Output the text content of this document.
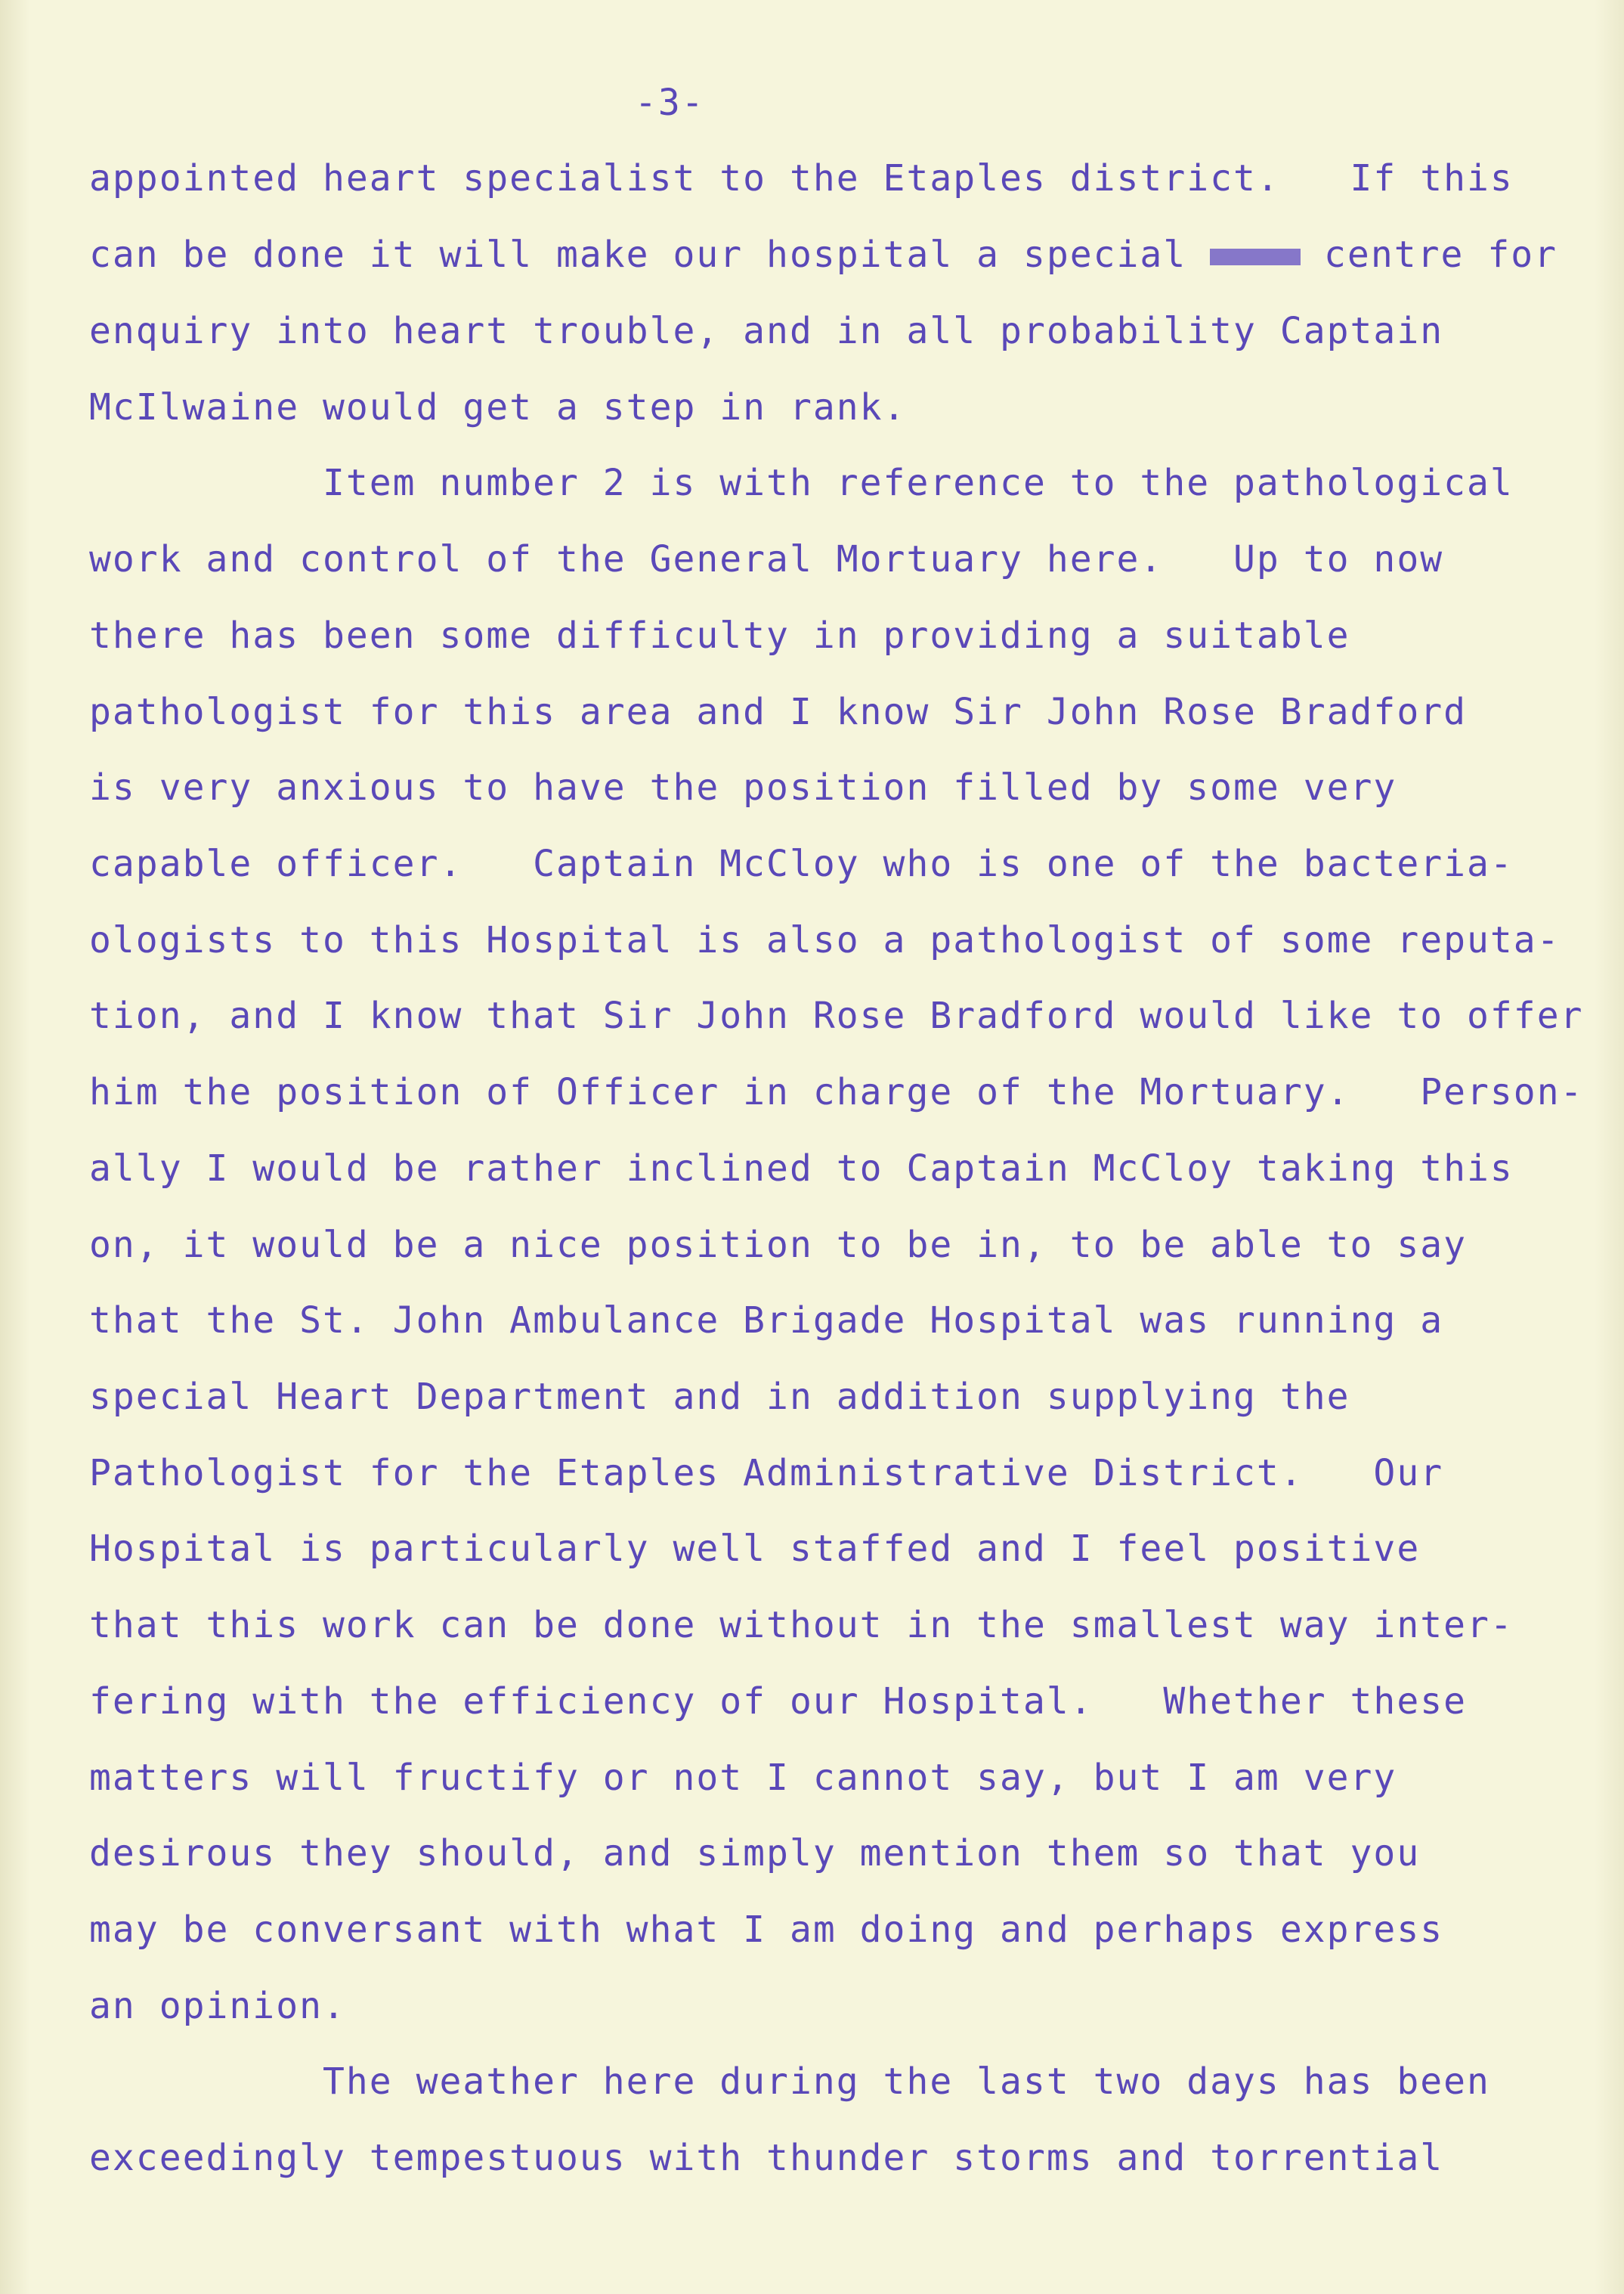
-3-
appointed heart specialist to the Etaples district.   If this
can be done it will make our hospital a special	centre for
enquiry into heart trouble, and in all probability Captain
McIlwaine would get a step in rank.
Item number 2 is with reference to the pathological
work and control of the General Mortuary here.   Up to now
there has been some difficulty in providing a suitable
pathologist for this area and I know Sir John Rose Bradford
is very anxious to have the position filled by some very
capable officer.   Captain McCloy who is one of the bacteria-
ologists to this Hospital is also a pathologist of some reputa-
tion, and I know that Sir John Rose Bradford would like to offer
him the position of Officer in charge of the Mortuary.   Person-
ally I would be rather inclined to Captain McCloy taking this
on, it would be a nice position to be in, to be able to say
that the St. John Ambulance Brigade Hospital was running a
special Heart Department and in addition supplying the
Pathologist for the Etaples Administrative District.   Our
Hospital is particularly well staffed and I feel positive
that this work can be done without in the smallest way inter-
fering with the efficiency of our Hospital.   Whether these
matters will fructify or not I cannot say, but I am very
desirous they should, and simply mention them so that you
may be conversant with what I am doing and perhaps express
an opinion.
The weather here during the last two days has been
exceedingly tempestuous with thunder storms and torrential
